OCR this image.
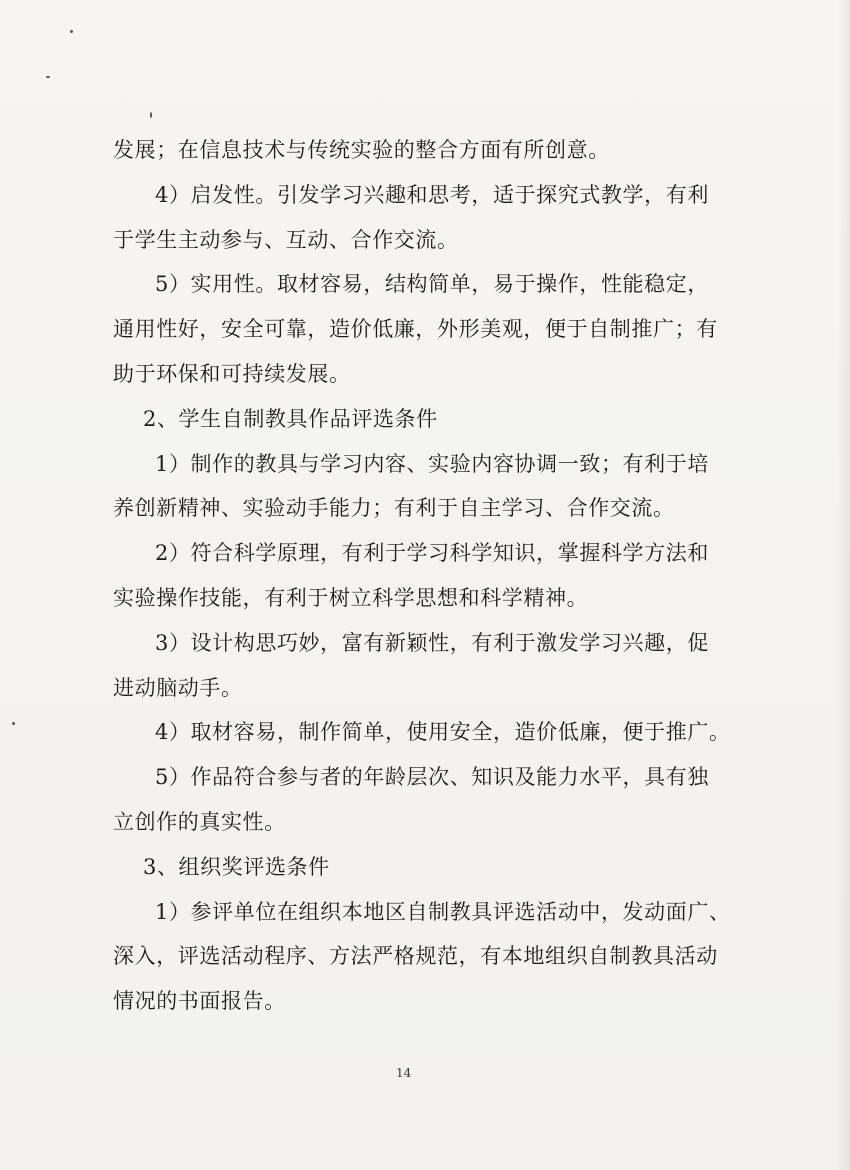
发展；在信息技术与传统实验的整合方面有所创意。
4）启发性。引发学习兴趣和思考，适于探究式教学，有利
于学生主动参与、互动、合作交流。
5）实用性。取材容易，结构简单，易于操作，性能稳定，
通用性好，安全可靠，造价低廉，外形美观，便于自制推广；有
助于环保和可持续发展。
2、学生自制教具作品评选条件
1）制作的教具与学习内容、实验内容协调一致；有利于培
养创新精神、实验动手能力；有利于自主学习、合作交流。
2）符合科学原理，有利于学习科学知识，掌握科学方法和
实验操作技能，有利于树立科学思想和科学精神。
3）设计构思巧妙，富有新颖性，有利于激发学习兴趣，促
进动脑动手。
4）取材容易，制作简单，使用安全，造价低廉，便于推广。
5）作品符合参与者的年龄层次、知识及能力水平，具有独
立创作的真实性。
3、组织奖评选条件
1）参评单位在组织本地区自制教具评选活动中，发动面广、
深入，评选活动程序、方法严格规范，有本地组织自制教具活动
情况的书面报告。
14
